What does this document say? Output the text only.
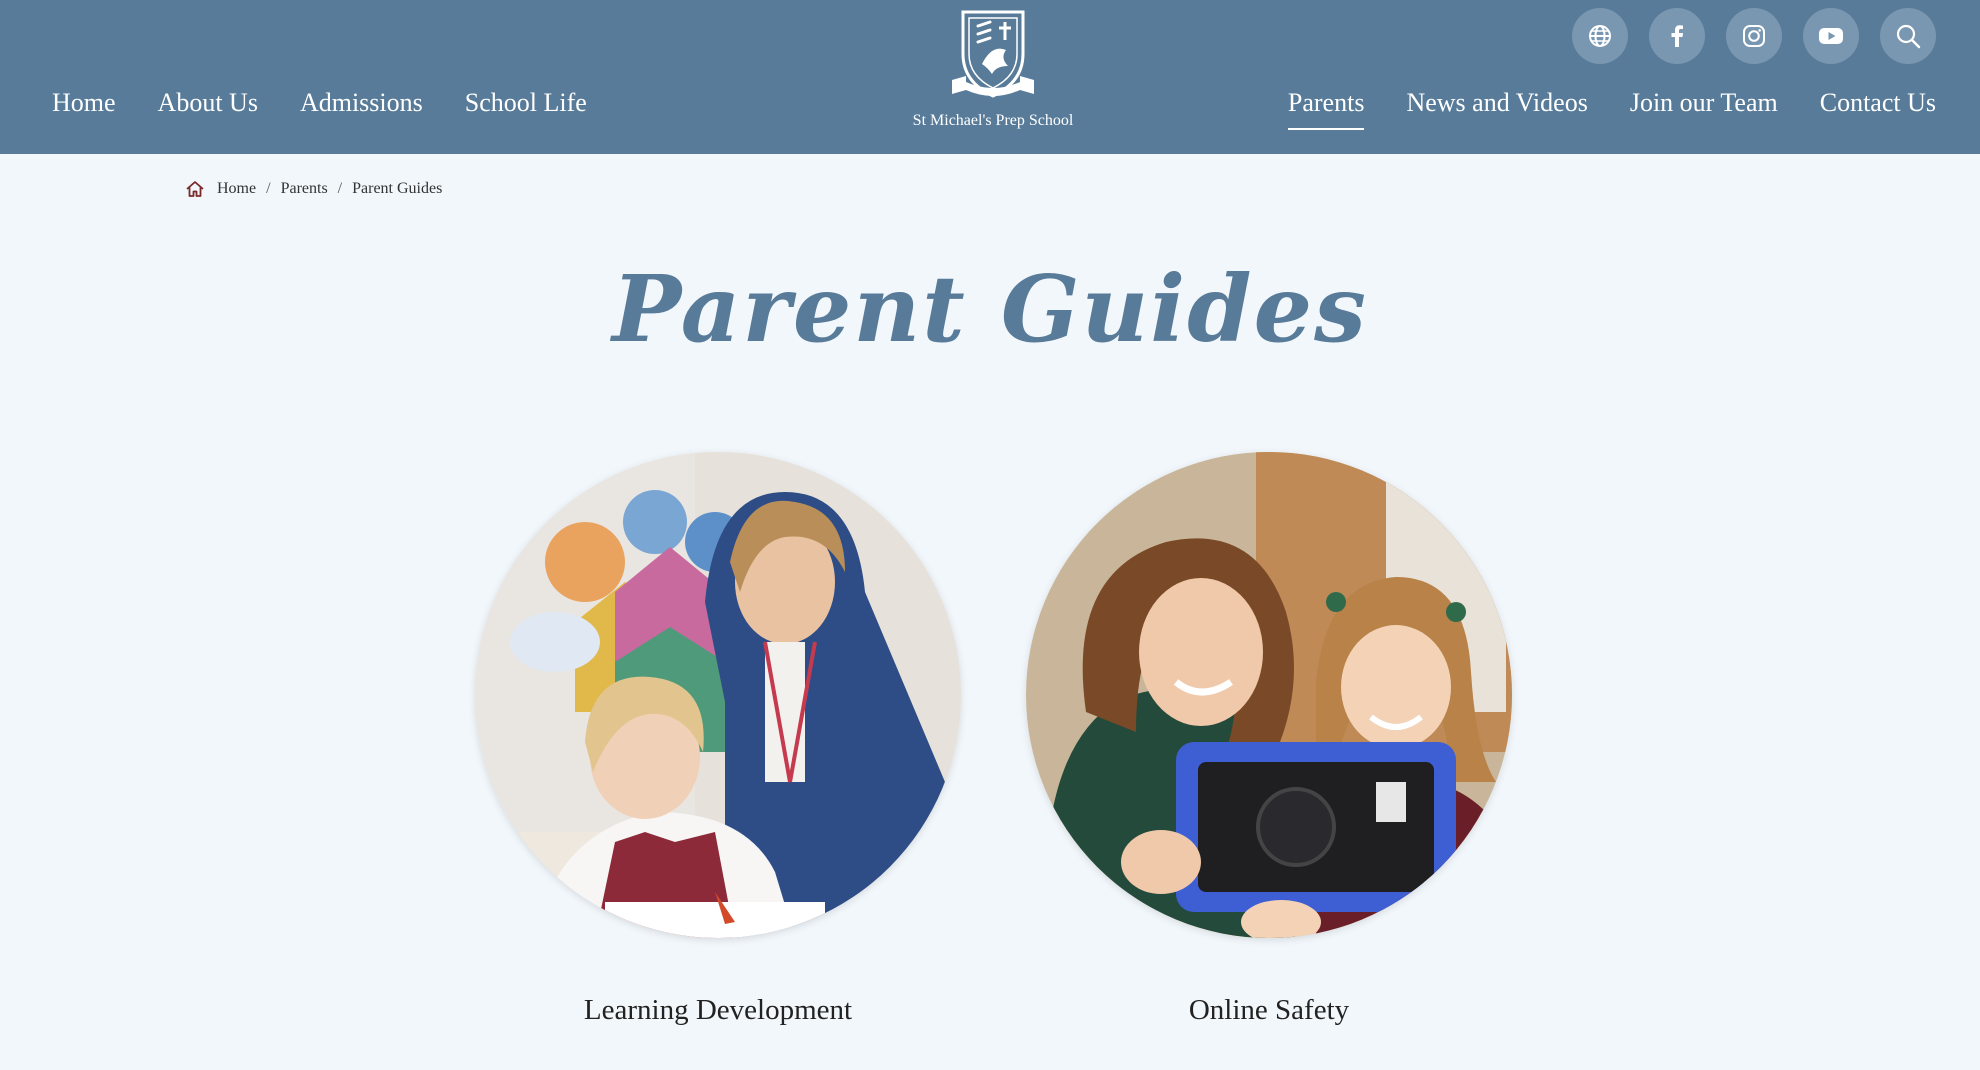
Home About Us Admissions School Life
St Michael's Prep School
Parents News and Videos Join our Team Contact Us
Home / Parents / Parent Guides
Parent Guides
Learning Development	Online Safety
